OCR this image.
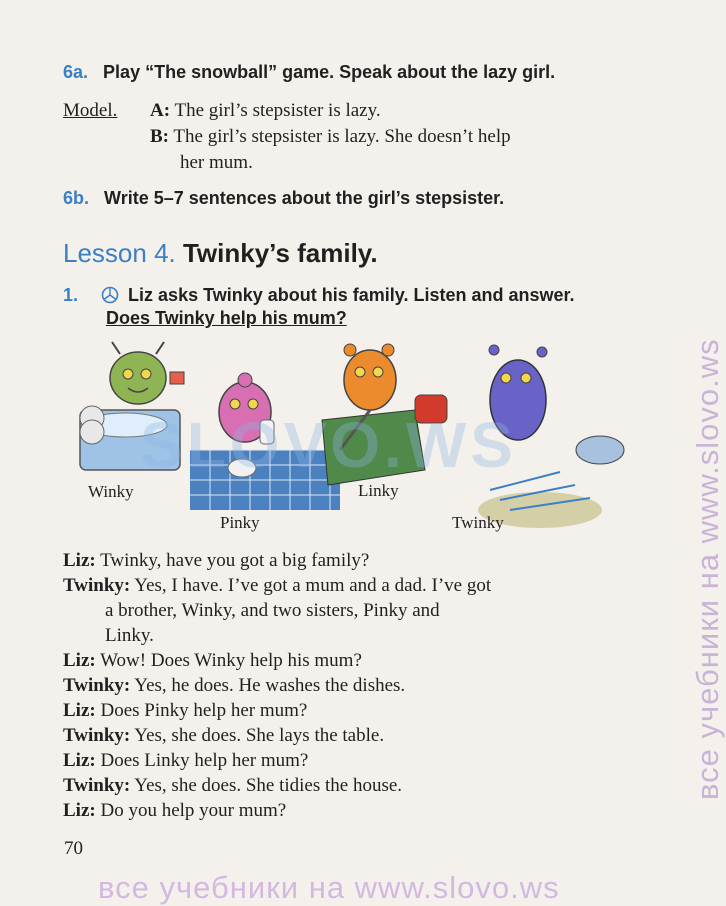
6a. Play “The snowball” game. Speak about the lazy girl.
Model. A: The girl’s stepsister is lazy.
B: The girl’s stepsister is lazy. She doesn’t help
her mum.
6b. Write 5–7 sentences about the girl’s stepsister.
Lesson 4. Twinky’s family.
1.	Liz asks Twinky about his family. Listen and answer.
Does Twinky help his mum?
Winky
Pinky
Linky
Twinky
SLOVO.WS

Liz: Twinky, have you got a big family?

Twinky: Yes, I have. I’ve got a mum and a dad. I’ve got

a brother, Winky, and two sisters, Pinky and

Linky.

Liz: Wow! Does Winky help his mum?

Twinky: Yes, he does. He washes the dishes.

Liz: Does Pinky help her mum?

Twinky: Yes, she does. She lays the table.

Liz: Does Linky help her mum?

Twinky: Yes, she does. She tidies the house.

Liz: Do you help your mum?

70
все учебники на www.slovo.ws
все учебники на www.slovo.ws
